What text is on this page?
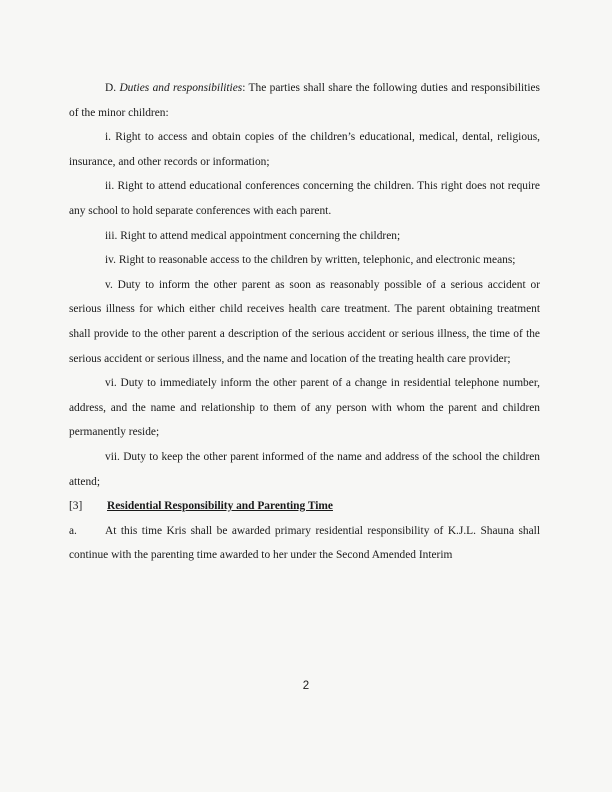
D. Duties and responsibilities: The parties shall share the following duties and responsibilities of the minor children:

i. Right to access and obtain copies of the children’s educational, medical, dental, religious, insurance, and other records or information;

ii. Right to attend educational conferences concerning the children. This right does not require any school to hold separate conferences with each parent.

iii. Right to attend medical appointment concerning the children;

iv. Right to reasonable access to the children by written, telephonic, and electronic means;

v. Duty to inform the other parent as soon as reasonably possible of a serious accident or serious illness for which either child receives health care treatment. The parent obtaining treatment shall provide to the other parent a description of the serious accident or serious illness, the time of the serious accident or serious illness, and the name and location of the treating health care provider;

vi. Duty to immediately inform the other parent of a change in residential telephone number, address, and the name and relationship to them of any person with whom the parent and children permanently reside;

vii. Duty to keep the other parent informed of the name and address of the school the children attend;

[3]	Residential Responsibility and Parenting Time

a. At this time Kris shall be awarded primary residential responsibility of K.J.L. Shauna shall continue with the parenting time awarded to her under the Second Amended Interim

2
